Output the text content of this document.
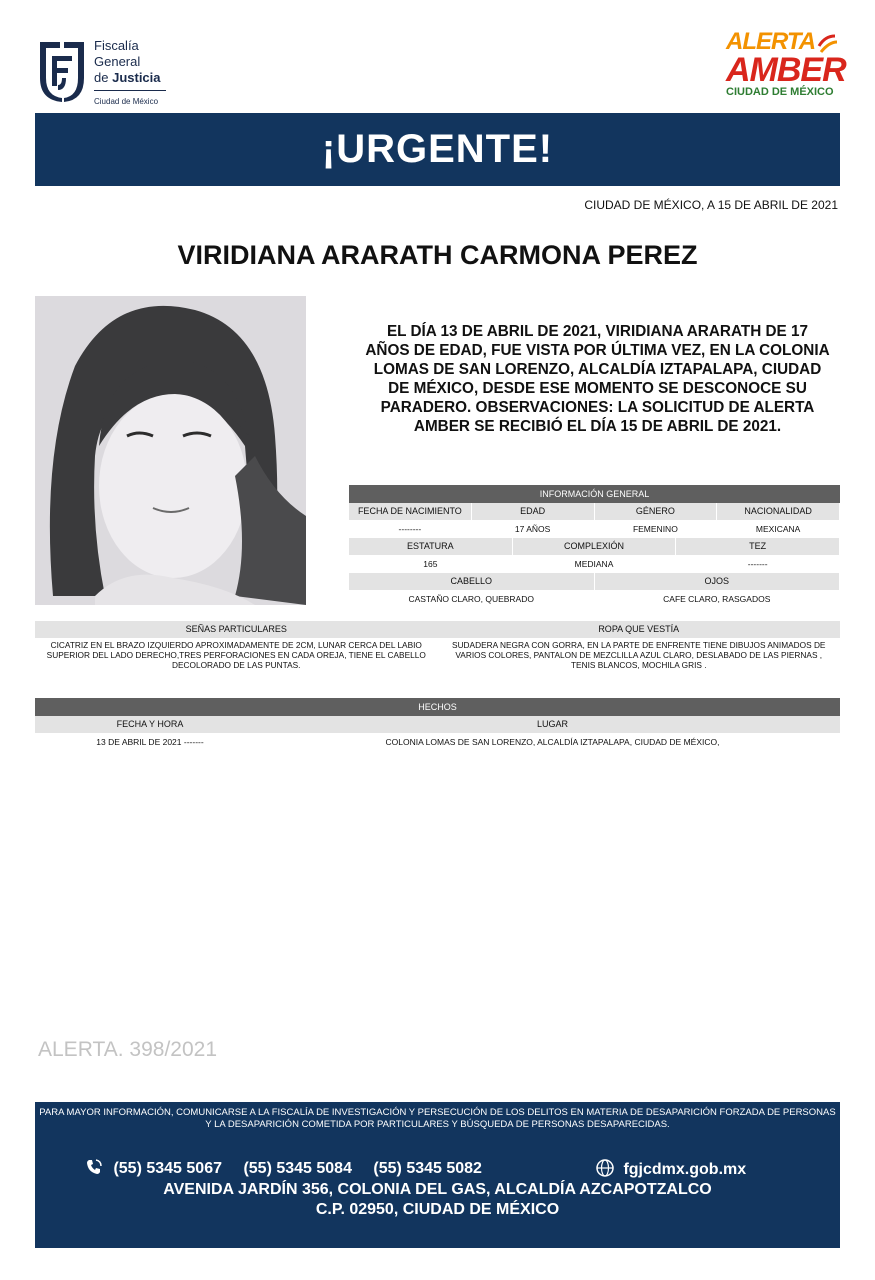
Fiscalía
General
de Justicia
Ciudad de México
ALERTA
AMBER
CIUDAD DE MÉXICO
¡URGENTE!
CIUDAD DE MÉXICO, A 15 DE ABRIL DE 2021
VIRIDIANA ARARATH CARMONA PEREZ
EL DÍA 13 DE ABRIL DE 2021, VIRIDIANA ARARATH DE 17 AÑOS DE EDAD, FUE VISTA POR ÚLTIMA VEZ, EN LA COLONIA LOMAS DE SAN LORENZO, ALCALDÍA IZTAPALAPA, CIUDAD DE MÉXICO, DESDE ESE MOMENTO SE DESCONOCE SU PARADERO. OBSERVACIONES: LA SOLICITUD DE ALERTA AMBER SE RECIBIÓ EL DÍA 15 DE ABRIL DE 2021.
INFORMACIÓN GENERAL
FECHA DE NACIMIENTO	EDAD	GÉNERO	NACIONALIDAD
--------	17 AÑOS	FEMENINO	MEXICANA
ESTATURA	COMPLEXIÓN	TEZ
165	MEDIANA	-------
CABELLO	OJOS
CASTAÑO CLARO, QUEBRADO	CAFE CLARO, RASGADOS
SEÑAS PARTICULARES	ROPA QUE VESTÍA
CICATRIZ EN EL BRAZO IZQUIERDO APROXIMADAMENTE DE 2CM, LUNAR CERCA DEL LABIO SUPERIOR DEL LADO DERECHO,TRES PERFORACIONES EN CADA OREJA, TIENE EL CABELLO DECOLORADO DE LAS PUNTAS.
SUDADERA NEGRA CON GORRA, EN LA PARTE DE ENFRENTE TIENE DIBUJOS ANIMADOS DE VARIOS COLORES, PANTALON DE MEZCLILLA AZUL CLARO, DESLABADO DE LAS PIERNAS , TENIS BLANCOS, MOCHILA GRIS .
HECHOS
FECHA Y HORA	LUGAR
13 DE ABRIL DE 2021 -------	COLONIA LOMAS DE SAN LORENZO, ALCALDÍA IZTAPALAPA, CIUDAD DE MÉXICO,
ALERTA. 398/2021
PARA MAYOR INFORMACIÓN, COMUNICARSE A LA FISCALÍA DE INVESTIGACIÓN Y PERSECUCIÓN DE LOS DELITOS EN MATERIA DE DESAPARICIÓN FORZADA DE PERSONAS Y LA DESAPARICIÓN COMETIDA POR PARTICULARES Y BÚSQUEDA DE PERSONAS DESAPARECIDAS.
(55) 5345 5067 (55) 5345 5084 (55) 5345 5082	fgjcdmx.gob.mx
AVENIDA JARDÍN 356, COLONIA DEL GAS, ALCALDÍA AZCAPOTZALCO
C.P. 02950, CIUDAD DE MÉXICO
